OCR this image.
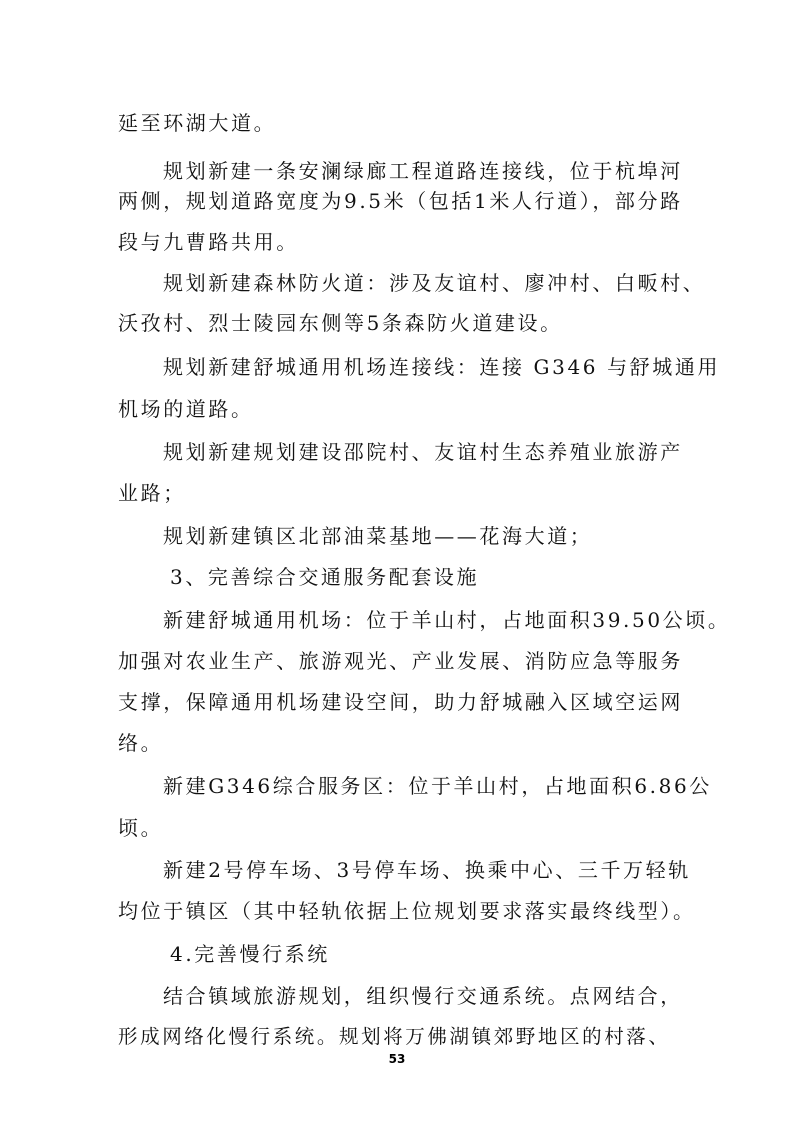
延至环湖大道。
规划新建一条安澜绿廊工程道路连接线，位于杭埠河
两侧，规划道路宽度为9.5米（包括1米人行道），部分路
段与九曹路共用。
规划新建森林防火道：涉及友谊村、廖冲村、白畈村、
沃孜村、烈士陵园东侧等5条森防火道建设。
规划新建舒城通用机场连接线：连接 G346 与舒城通用
机场的道路。
规划新建规划建设邵院村、友谊村生态养殖业旅游产
业路；
规划新建镇区北部油菜基地——花海大道；
3、完善综合交通服务配套设施
新建舒城通用机场：位于羊山村，占地面积39.50公顷。
加强对农业生产、旅游观光、产业发展、消防应急等服务
支撑，保障通用机场建设空间，助力舒城融入区域空运网
络。
新建G346综合服务区：位于羊山村，占地面积6.86公
顷。
新建2号停车场、3号停车场、换乘中心、三千万轻轨
均位于镇区（其中轻轨依据上位规划要求落实最终线型）。
4.完善慢行系统
结合镇域旅游规划，组织慢行交通系统。点网结合，
形成网络化慢行系统。规划将万佛湖镇郊野地区的村落、
53
